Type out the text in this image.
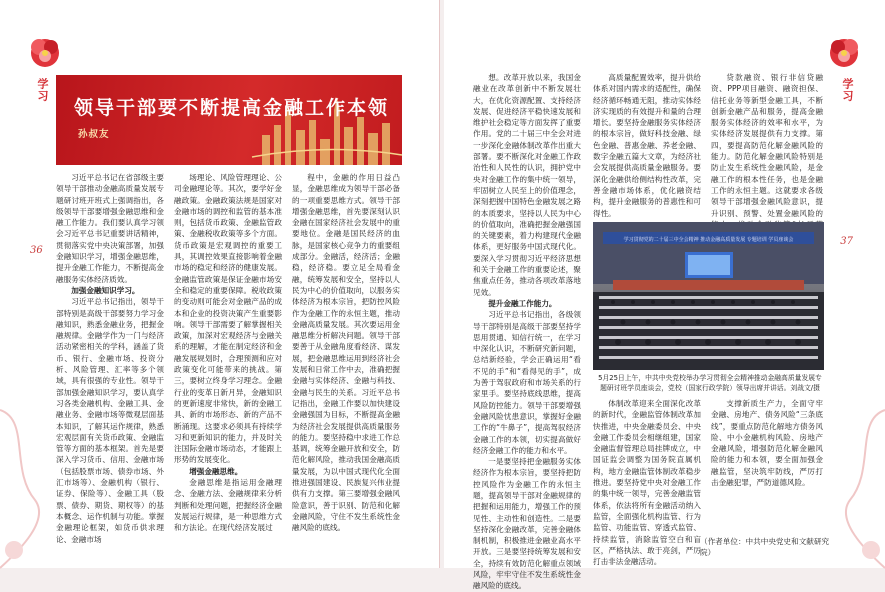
学习
36
领导干部要不断提高金融工作本领
孙叔友

习近平总书记在省部级主要领导干部推动金融高质量发展专题研讨班开班式上强调指出，各级领导干部要增强金融思维和金融工作能力。我们要认真学习领会习近平总书记重要讲话精神，贯彻落实党中央决策部署，加强金融知识学习，增强金融思维，提升金融工作能力，不断提高金融服务实体经济质效。

加强金融知识学习。

习近平总书记指出，领导干部特别是高级干部要努力学习金融知识，熟悉金融业务，把握金融规律。金融学作为一门与经济活动紧密相关的学科，涵盖了货币、银行、金融市场、投资分析、风险管理、汇率等多个领域，具有很强的专业性。领导干部加强金融知识学习，要认真学习各类金融机构、金融工具、金融业务、金融市场等微观层面基本知识，了解其运作规律，熟悉宏观层面有关货币政策、金融监管等方面的基本框架。首先是要深入学习货币、信用、金融市场（包括股票市场、债券市场、外汇市场等）、金融机构（银行、证券、保险等）、金融工具（股票、债券、期货、期权等）的基本概念、运作机制与功能。掌握金融理论框架，如货币供求理论、金融市场

场理论、风险管理理论、公司金融理论等。其次，要学好金融政策。金融政策法规是国家对金融市场的调控和监管的基本准则，包括货币政策、金融监管政策、金融税收政策等多个方面。货币政策是宏观调控的重要工具，其调控效果直接影响着金融市场的稳定和经济的健康发展。金融监管政策是保证金融市场安全和稳定的重要保障。税收政策的变动则可能会对金融产品的成本和企业的投资决策产生重要影响。领导干部需要了解掌握相关政策，加深对宏观经济与金融关系的理解，才能在制定经济和金融发展规划时，合理预测和应对政策变化可能带来的挑战。第三，要树立终身学习理念。金融行业的变革日新月异，金融知识的更新速度非常快，新的金融工具、新的市场形态、新的产品不断涌现。这要求必须具有持续学习和更新知识的能力，并及时关注国际金融市场动态，才能跟上形势的发展变化。

增强金融思维。

金融思维是指运用金融理念、金融方法、金融规律来分析判断和处理问题，把握经济金融发展运行规律，是一种思维方式和方法论。在现代经济发展过

程中，金融的作用日益凸显，金融思维成为领导干部必备的一项重要思维方式。领导干部增强金融思维，首先要深刻认识金融在国家经济社会发展中的重要地位。金融是国民经济的血脉，是国家核心竞争力的重要组成部分。金融活，经济活；金融稳，经济稳。要立足全局看金融，统筹发展和安全，坚持以人民为中心的价值取向，以服务实体经济为根本宗旨，把防控风险作为金融工作的永恒主题，推动金融高质量发展。其次要运用金融思维分析解决问题。领导干部要善于从金融角度看经济、谋发展，把金融思维运用到经济社会发展和日常工作中去，准确把握金融与实体经济、金融与科技、金融与民生的关系。习近平总书记指出，金融工作要以加快建设金融强国为目标，不断提高金融为经济社会发展提供高质量服务的能力。要坚持稳中求进工作总基调，统筹金融开放和安全，防范化解风险，推动我国金融高质量发展，为以中国式现代化全面推进强国建设、民族复兴伟业提供有力支撑。第三要增强金融风险意识，善于识别、防范和化解金融风险，守住不发生系统性金融风险的底线。

学习
37

想。改革开放以来，我国金融业在改革创新中不断发展壮大，在优化资源配置、支持经济发展、促进经济平稳快速发展和维护社会稳定等方面发挥了重要作用。党的二十届三中全会对进一步深化金融体制改革作出重大部署。要不断深化对金融工作政治性和人民性的认识，拥护党中央对金融工作的集中统一领导，牢固树立人民至上的价值理念，深刻把握中国特色金融发展之路的本质要求，坚持以人民为中心的价值取向，准确把握金融强国的关键要素，着力构建现代金融体系，更好服务中国式现代化。要深入学习贯彻习近平经济思想和关于金融工作的重要论述，聚焦重点任务，推动各项改革落地见效。

提升金融工作能力。

习近平总书记指出，各级领导干部特别是高级干部要坚持学思用贯通、知信行统一，在学习中深化认识，不断研究新问题，总结新经验，学会正确运用“看不见的手”和“看得见的手”，成为善于驾驭政府和市场关系的行家里手。要坚持底线思维，提高风险防控能力。领导干部要增强金融风险忧患意识，掌握好金融工作的“牛鼻子”，提高驾驭经济金融工作的本领，切实提高做好经济金融工作的能力和水平。

一是要坚持把金融服务实体经济作为根本宗旨，要坚持把防控风险作为金融工作的永恒主题，提高领导干部对金融规律的把握和运用能力，增强工作的预见性、主动性和创造性。二是要坚持深化金融改革，完善金融体制机制，积极推进金融业高水平开放。三是要坚持统筹发展和安全，持续有效防范化解重点领域风险，牢牢守住不发生系统性金融风险的底线。

高质量配置效率，提升供给体系对国内需求的适配性，确保经济循环畅通无阻，推动实体经济实现质的有效提升和量的合理增长。要坚持金融服务实体经济的根本宗旨，做好科技金融、绿色金融、普惠金融、养老金融、数字金融五篇大文章，为经济社会发展提供高质量金融服务。要深化金融供给侧结构性改革，完善金融市场体系，优化融资结构，提升金融服务的普惠性和可得性。

贷款融资、银行非信贷融资、PPP项目融资、融资担保、信托业务等新型金融工具，不断创新金融产品和服务，提高金融服务实体经济的效率和水平，为实体经济发展提供有力支撑。第四，要提高防范化解金融风险的能力。防范化解金融风险特别是防止发生系统性金融风险，是金融工作的根本性任务，也是金融工作的永恒主题。这就要求各级领导干部增强金融风险意识，提升识别、预警、处置金融风险的

学习贯彻党的二十届三中全会精神 推动金融高质量发展 专题培训 学员座谈会
5月25日上午，中共中央党校举办学习贯彻全会精神推动金融高质量发展专题研讨班学员座谈会，党校（国家行政学院）领导出席并讲话。刘战文/摄

体制改革迎来全面深化改革的新时代，金融监管体制改革加快推进，中央金融委员会、中央金融工作委员会相继组建，国家金融监督管理总局挂牌成立，中国证监会调整为国务院直属机构，地方金融监管体制改革稳步推进。要坚持党中央对金融工作的集中统一领导，完善金融监管体系，依法将所有金融活动纳入监管，全面强化机构监管、行为监管、功能监管、穿透式监管、持续监管，消除监管空白和盲区，严格执法、敢于亮剑，严厉打击非法金融活动。

支撑新质生产力，全面守牢金融、房地产、债务风险“三条底线”，要重点防范化解地方债务风险、中小金融机构风险、房地产金融风险，增强防范化解金融风险的能力和本领，要全面加强金融监管，坚决筑牢防线，严厉打击金融犯罪，严防道德风险。

（作者单位：中共中央党史和文献研究院）
